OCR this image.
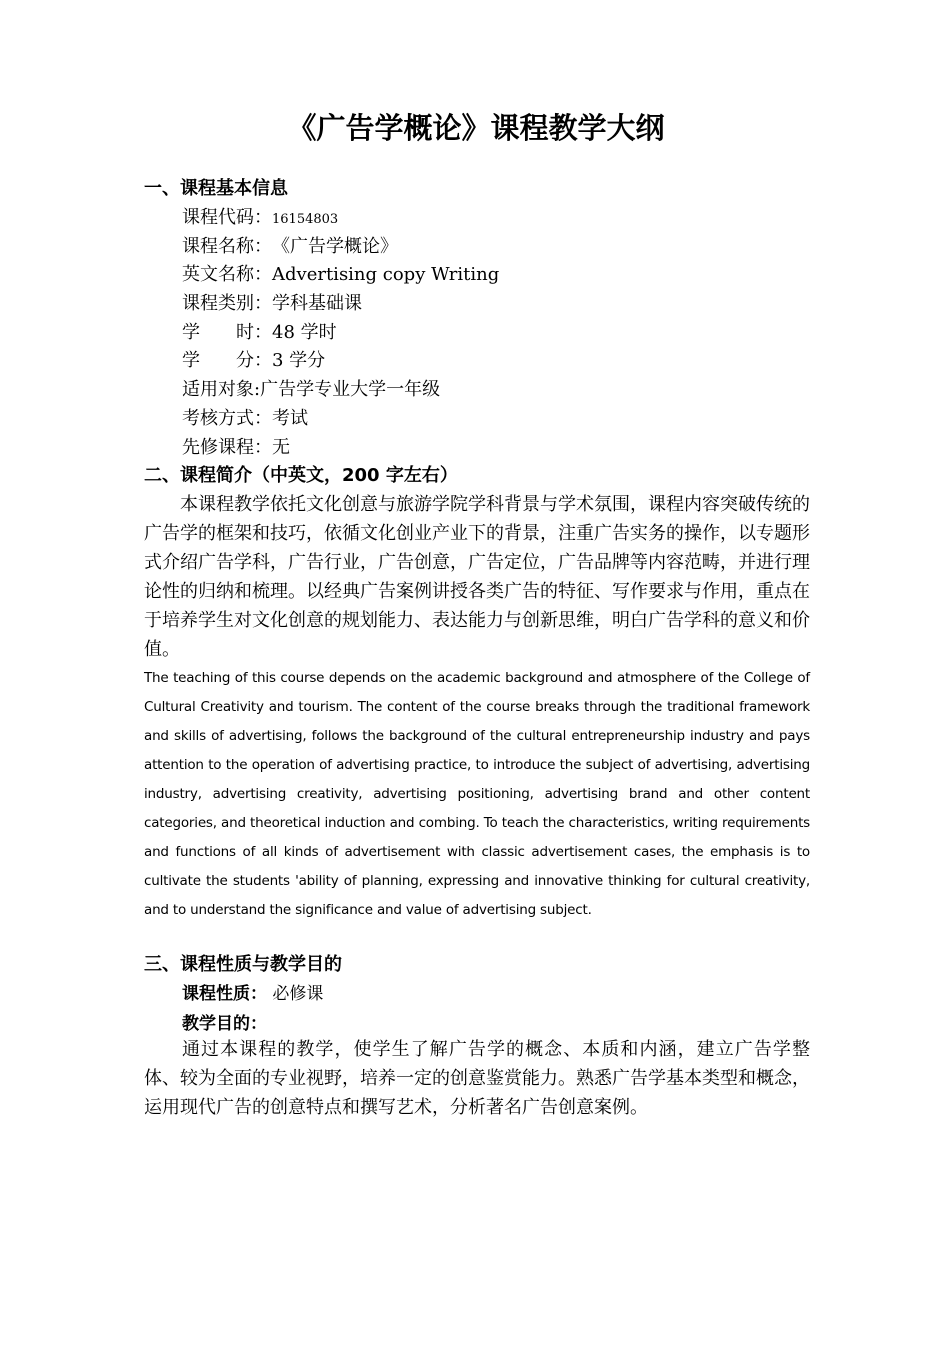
《广告学概论》课程教学大纲
一、课程基本信息
课程代码：16154803
课程名称：《广告学概论》
英文名称：Advertising copy Writing
课程类别：学科基础课
学　　时：48 学时
学　　分：3 学分
适用对象:广告学专业大学一年级
考核方式：考试
先修课程：无
二、课程简介（中英文，200 字左右）

本课程教学依托文化创意与旅游学院学科背景与学术氛围，课程内容突破传统的广告学的框架和技巧，依循文化创业产业下的背景，注重广告实务的操作，以专题形式介绍广告学科，广告行业，广告创意，广告定位，广告品牌等内容范畴，并进行理论性的归纳和梳理。以经典广告案例讲授各类广告的特征、写作要求与作用，重点在于培养学生对文化创意的规划能力、表达能力与创新思维，明白广告学科的意义和价值。

The teaching of this course depends on the academic background and atmosphere of the College of Cultural Creativity and tourism. The content of the course breaks through the traditional framework and skills of advertising, follows the background of the cultural entrepreneurship industry and pays attention to the operation of advertising practice, to introduce the subject of advertising, advertising industry, advertising creativity, advertising positioning, advertising brand and other content categories, and theoretical induction and combing. To teach the characteristics, writing requirements and functions of all kinds of advertisement with classic advertisement cases, the emphasis is to cultivate the students 'ability of planning, expressing and innovative thinking for cultural creativity, and to understand the significance and value of advertising subject.

三、课程性质与教学目的
课程性质： 必修课
教学目的：

通过本课程的教学，使学生了解广告学的概念、本质和内涵，建立广告学整体、较为全面的专业视野，培养一定的创意鉴赏能力。熟悉广告学基本类型和概念，运用现代广告的创意特点和撰写艺术，分析著名广告创意案例。
